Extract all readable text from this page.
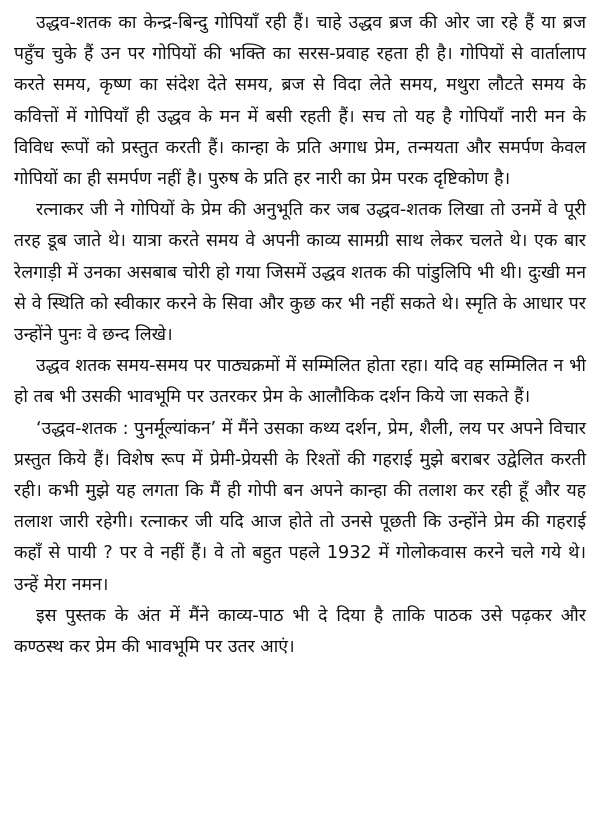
उद्धव-शतक का केन्द्र-बिन्दु गोपियाँ रही हैं। चाहे उद्धव ब्रज की ओर जा रहे हैं या ब्रज पहुँच चुके हैं उन पर गोपियों की भक्ति का सरस-प्रवाह रहता ही है। गोपियों से वार्तालाप करते समय, कृष्ण का संदेश देते समय, ब्रज से विदा लेते समय, मथुरा लौटते समय के कवित्तों में गोपियाँ ही उद्धव के मन में बसी रहती हैं। सच तो यह है गोपियाँ नारी मन के विविध रूपों को प्रस्तुत करती हैं। कान्हा के प्रति अगाध प्रेम, तन्मयता और समर्पण केवल गोपियों का ही समर्पण नहीं है। पुरुष के प्रति हर नारी का प्रेम परक दृष्टिकोण है।

रत्नाकर जी ने गोपियों के प्रेम की अनुभूति कर जब उद्धव-शतक लिखा तो उनमें वे पूरी तरह डूब जाते थे। यात्रा करते समय वे अपनी काव्य सामग्री साथ लेकर चलते थे। एक बार रेलगाड़ी में उनका असबाब चोरी हो गया जिसमें उद्धव शतक की पांडुलिपि भी थी। दुःखी मन से वे स्थिति को स्वीकार करने के सिवा और कुछ कर भी नहीं सकते थे। स्मृति के आधार पर उन्होंने पुनः वे छन्द लिखे।

उद्धव शतक समय-समय पर पाठ्यक्रमों में सम्मिलित होता रहा। यदि वह सम्मिलित न भी हो तब भी उसकी भावभूमि पर उतरकर प्रेम के आलौकिक दर्शन किये जा सकते हैं।

‘उद्धव-शतक : पुनर्मूल्यांकन’ में मैंने उसका कथ्य दर्शन, प्रेम, शैली, लय पर अपने विचार प्रस्तुत किये हैं। विशेष रूप में प्रेमी-प्रेयसी के रिश्तों की गहराई मुझे बराबर उद्वेलित करती रही। कभी मुझे यह लगता कि मैं ही गोपी बन अपने कान्हा की तलाश कर रही हूँ और यह तलाश जारी रहेगी। रत्नाकर जी यदि आज होते तो उनसे पूछती कि उन्होंने प्रेम की गहराई कहाँ से पायी ? पर वे नहीं हैं। वे तो बहुत पहले 1932 में गोलोकवास करने चले गये थे। उन्हें मेरा नमन।

इस पुस्तक के अंत में मैंने काव्य-पाठ भी दे दिया है ताकि पाठक उसे पढ़कर और कण्ठस्थ कर प्रेम की भावभूमि पर उतर आएं।
